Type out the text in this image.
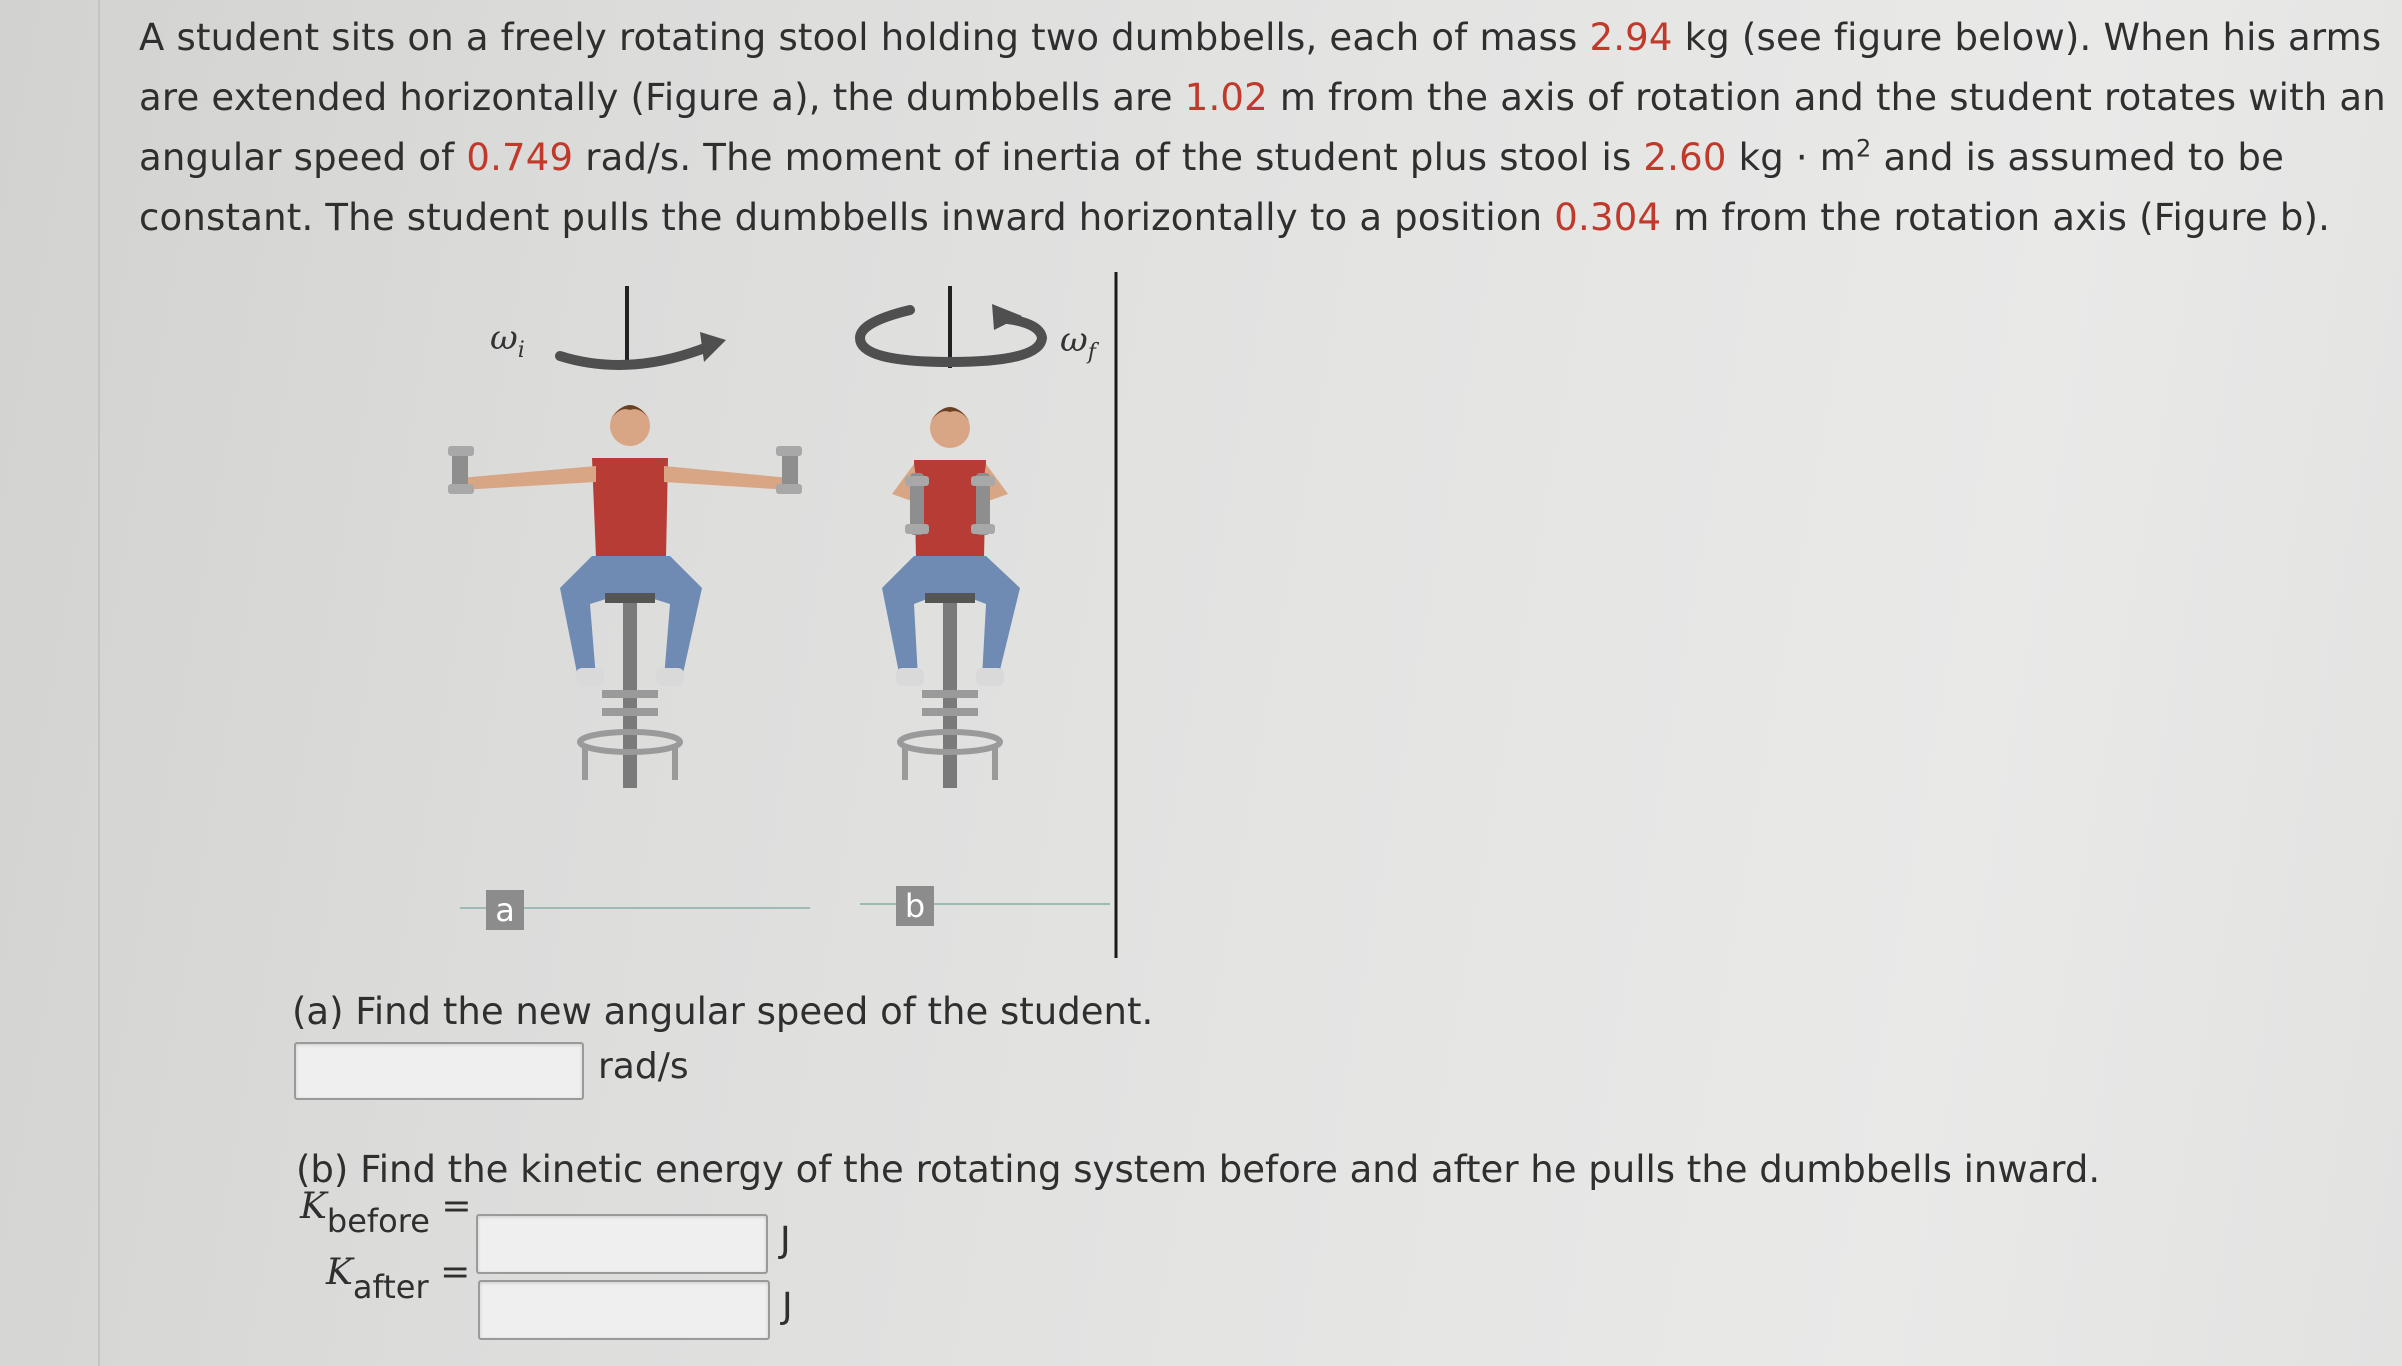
A student sits on a freely rotating stool holding two dumbbells, each of mass 2.94 kg (see figure below). When his arms are extended horizontally (Figure a), the dumbbells are 1.02 m from the axis of rotation and the student rotates with an angular speed of 0.749 rad/s. The moment of inertia of the student plus stool is 2.60 kg · $m^2$ and is assumed to be constant. The student pulls the dumbbells inward horizontally to a position 0.304 m from the rotation axis (Figure b).

$\omega_i$	$\omega_f$
a	b
(a) Find the new angular speed of the student.
rad/s
(b) Find the kinetic energy of the rotating system before and after he pulls the dumbbells inward.
Kbefore =
J
Kafter =
J
